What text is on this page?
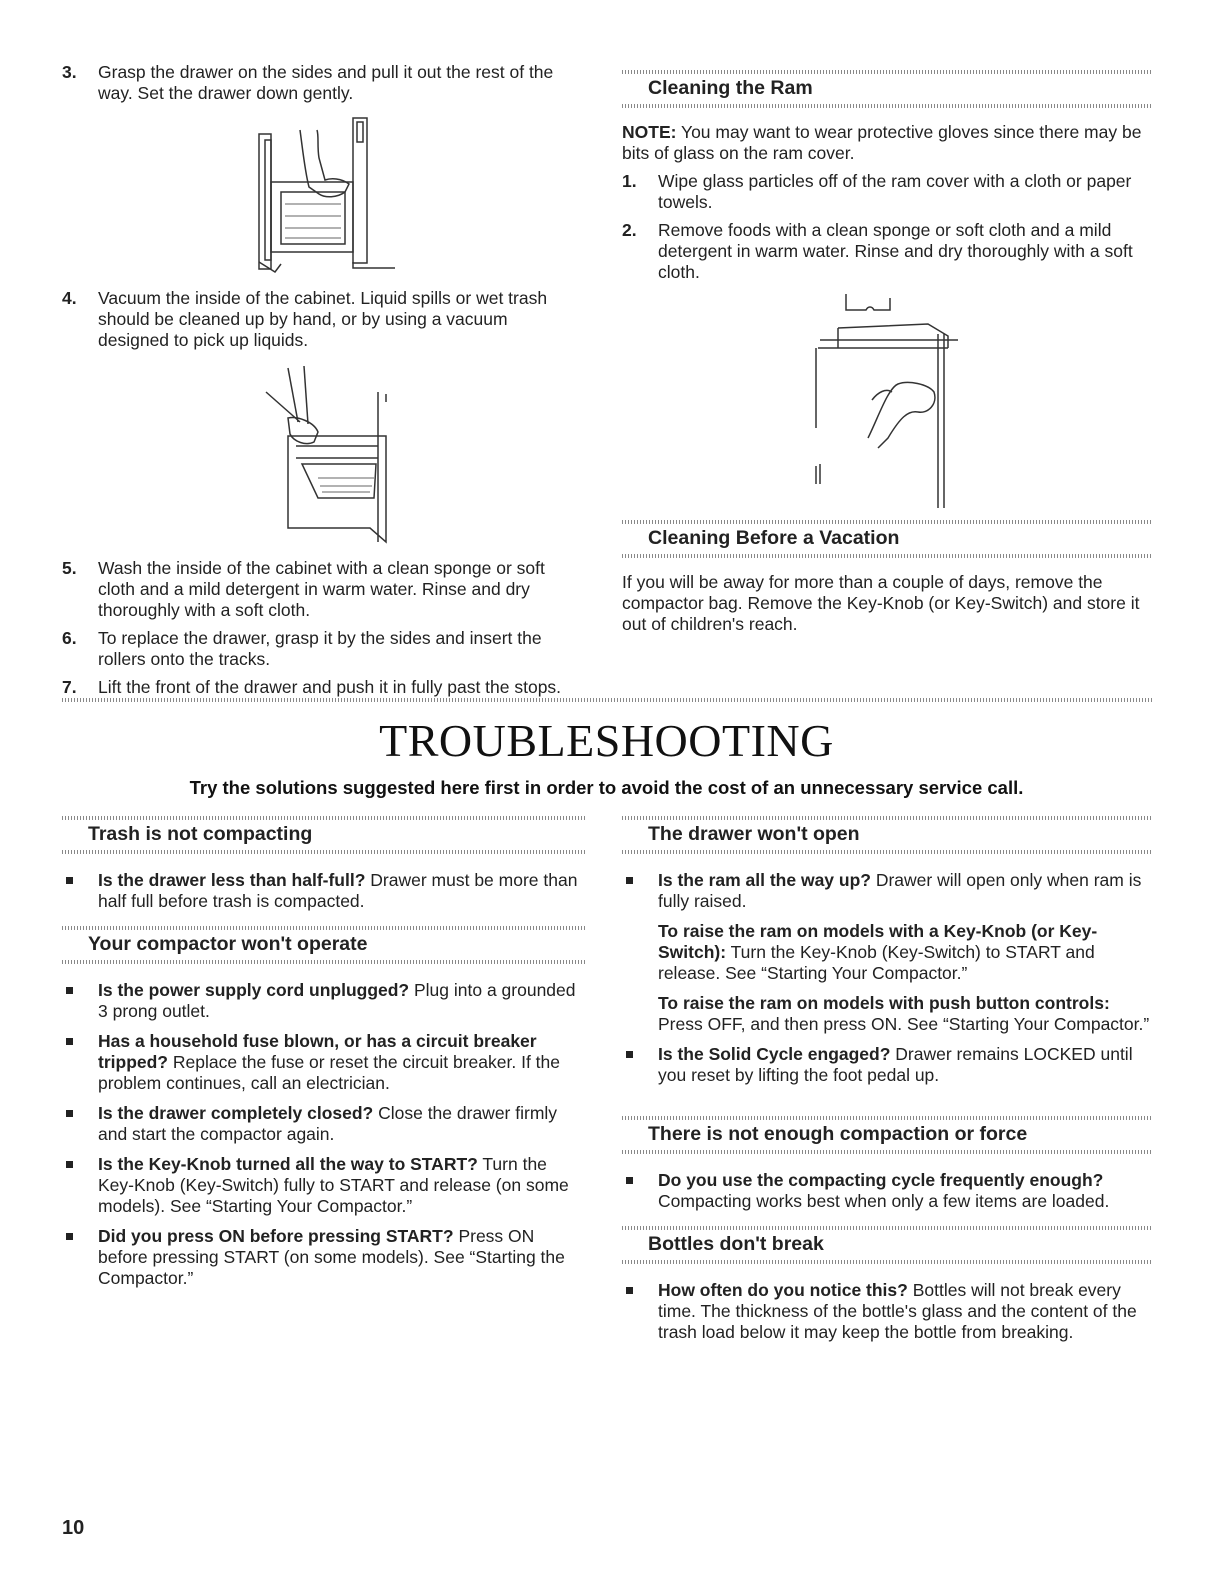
3. Grasp the drawer on the sides and pull it out the rest of the way. Set the drawer down gently.
4. Vacuum the inside of the cabinet. Liquid spills or wet trash should be cleaned up by hand, or by using a vacuum designed to pick up liquids.
5. Wash the inside of the cabinet with a clean sponge or soft cloth and a mild detergent in warm water. Rinse and dry thoroughly with a soft cloth.
6. To replace the drawer, grasp it by the sides and insert the rollers onto the tracks.
7. Lift the front of the drawer and push it in fully past the stops.
Cleaning the Ram

NOTE: You may want to wear protective gloves since there may be bits of glass on the ram cover.

1. Wipe glass particles off of the ram cover with a cloth or paper towels.
2. Remove foods with a clean sponge or soft cloth and a mild detergent in warm water. Rinse and dry thoroughly with a soft cloth.
Cleaning Before a Vacation

If you will be away for more than a couple of days, remove the compactor bag. Remove the Key-Knob (or Key-Switch) and store it out of children's reach.

TROUBLESHOOTING
Try the solutions suggested here first in order to avoid the cost of an unnecessary service call.
Trash is not compacting
Is the drawer less than half-full? Drawer must be more than half full before trash is compacted.
Your compactor won't operate
Is the power supply cord unplugged? Plug into a grounded 3 prong outlet.
Has a household fuse blown, or has a circuit breaker tripped? Replace the fuse or reset the circuit breaker. If the problem continues, call an electrician.
Is the drawer completely closed? Close the drawer firmly and start the compactor again.
Is the Key-Knob turned all the way to START? Turn the Key-Knob (Key-Switch) fully to START and release (on some models). See “Starting Your Compactor.”
Did you press ON before pressing START? Press ON before pressing START (on some models). See “Starting the Compactor.”
The drawer won't open
Is the ram all the way up? Drawer will open only when ram is fully raised.
To raise the ram on models with a Key-Knob (or Key-Switch): Turn the Key-Knob (Key-Switch) to START and release. See “Starting Your Compactor.”
To raise the ram on models with push button controls: Press OFF, and then press ON. See “Starting Your Compactor.”
Is the Solid Cycle engaged? Drawer remains LOCKED until you reset by lifting the foot pedal up.
There is not enough compaction or force
Do you use the compacting cycle frequently enough? Compacting works best when only a few items are loaded.
Bottles don't break
How often do you notice this? Bottles will not break every time. The thickness of the bottle's glass and the content of the trash load below it may keep the bottle from breaking.
10
